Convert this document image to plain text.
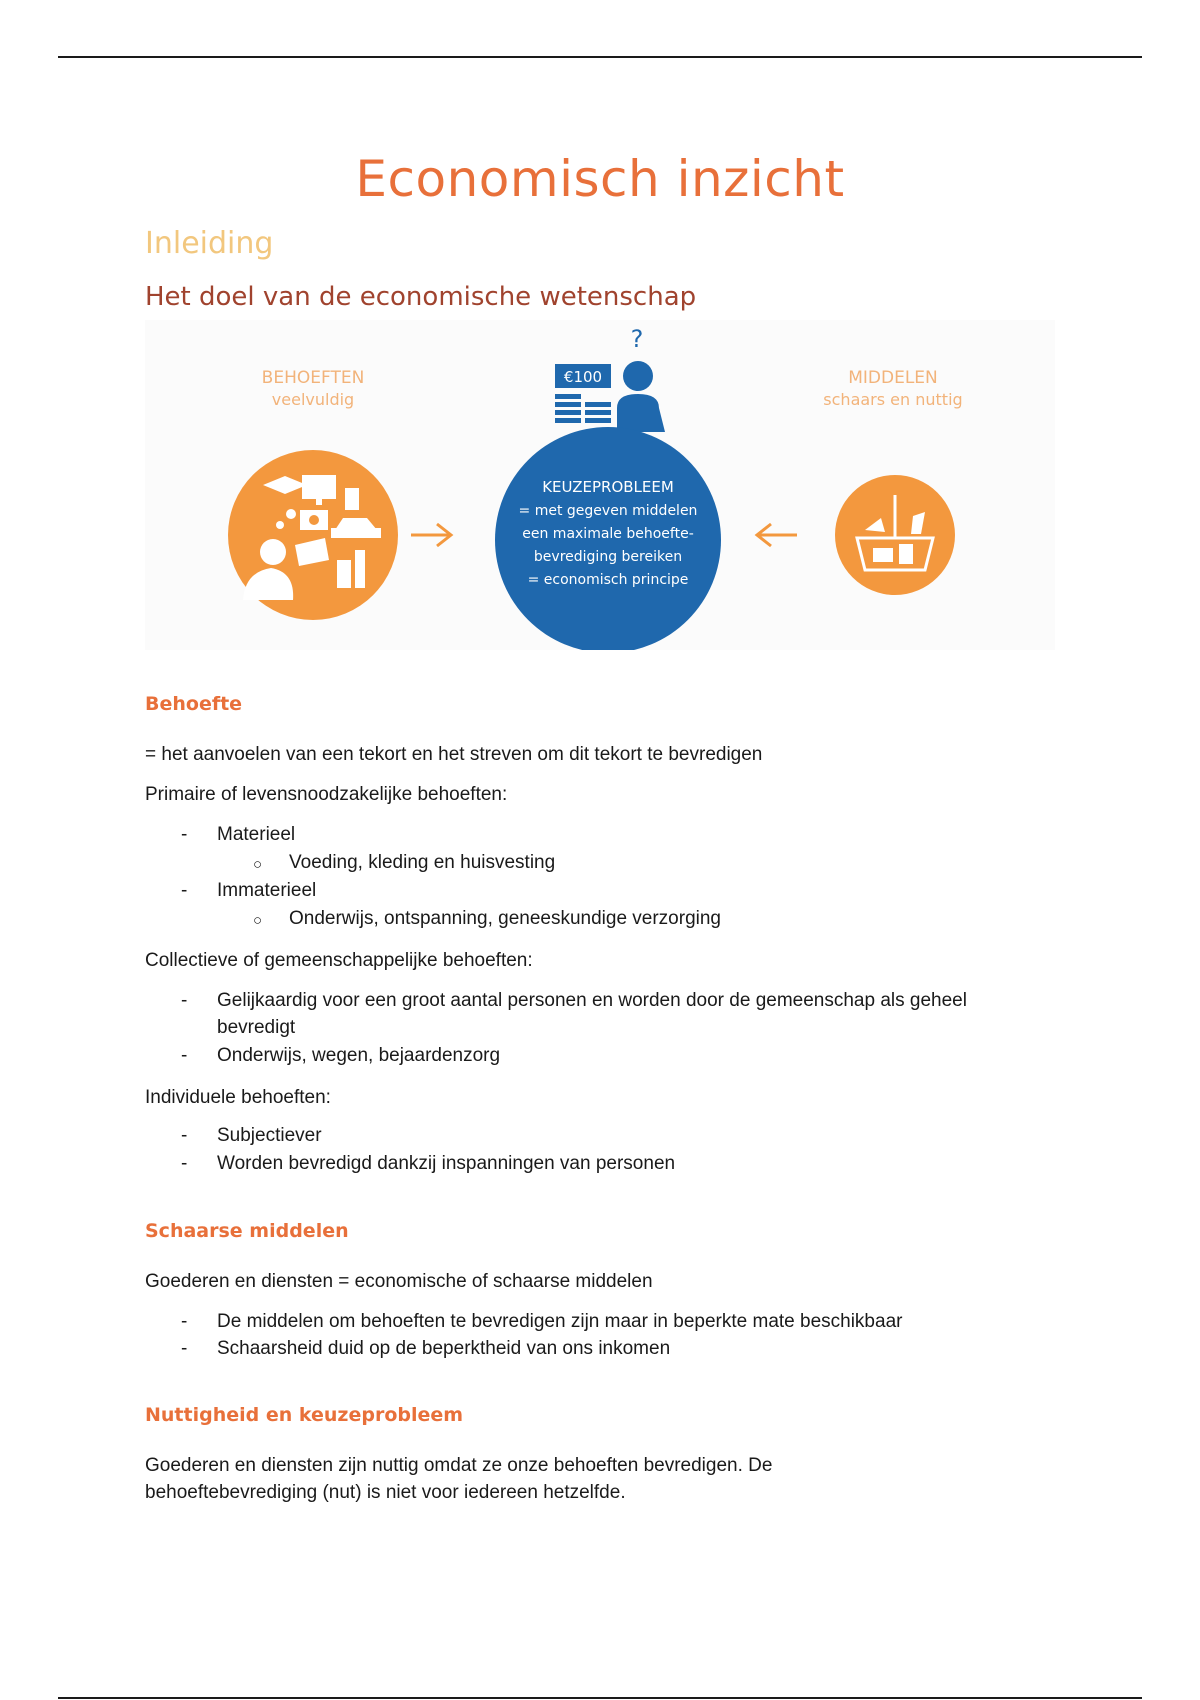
Economisch inzicht
Inleiding
Het doel van de economische wetenschap
?
€100
BEHOEFTEN
veelvuldig
MIDDELEN
schaars en nuttig
KEUZEPROBLEEM
= met gegeven middelen
een maximale behoefte-
bevrediging bereiken
= economisch principe
Behoefte
= het aanvoelen van een tekort en het streven om dit tekort te bevredigen
Primaire of levensnoodzakelijke behoeften:
- Materieel
○ Voeding, kleding en huisvesting
- Immaterieel
○ Onderwijs, ontspanning, geneeskundige verzorging
Collectieve of gemeenschappelijke behoeften:
- Gelijkaardig voor een groot aantal personen en worden door de gemeenschap als geheel bevredigt
- Onderwijs, wegen, bejaardenzorg
Individuele behoeften:
- Subjectiever
- Worden bevredigd dankzij inspanningen van personen
Schaarse middelen
Goederen en diensten = economische of schaarse middelen
- De middelen om behoeften te bevredigen zijn maar in beperkte mate beschikbaar
- Schaarsheid duid op de beperktheid van ons inkomen
Nuttigheid en keuzeprobleem
Goederen en diensten zijn nuttig omdat ze onze behoeften bevredigen. De behoeftebevrediging (nut) is niet voor iedereen hetzelfde.
